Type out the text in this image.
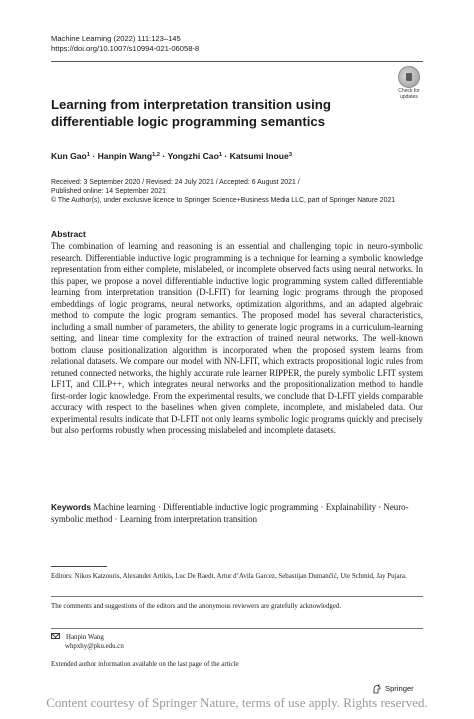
Machine Learning (2022) 111:123–145
https://doi.org/10.1007/s10994-021-06058-8
Check for
updates
Learning from interpretation transition using differentiable logic programming semantics
Kun Gao$^1$ · Hanpin Wang$^{1,2}$ · Yongzhi Cao$^1$ · Katsumi Inoue$^3$
Received: 3 September 2020 / Revised: 24 July 2021 / Accepted: 6 August 2021 /
Published online: 14 September 2021
© The Author(s), under exclusive licence to Springer Science+Business Media LLC, part of Springer Nature 2021
Abstract
The combination of learning and reasoning is an essential and challenging topic in neuro-symbolic research. Differentiable inductive logic programming is a technique for learning a symbolic knowledge representation from either complete, mislabeled, or incomplete observed facts using neural networks. In this paper, we propose a novel differentiable inductive logic programming system called differentiable learning from interpretation transition (D-LFIT) for learning logic programs through the proposed embeddings of logic programs, neural networks, optimization algorithms, and an adapted algebraic method to compute the logic program semantics. The proposed model has several characteristics, including a small number of parameters, the ability to generate logic programs in a curriculum-learning setting, and linear time complexity for the extraction of trained neural networks. The well-known bottom clause positionalization algorithm is incorporated when the proposed system learns from relational datasets. We compare our model with NN-LFIT, which extracts propositional logic rules from retuned connected networks, the highly accurate rule learner RIPPER, the purely symbolic LFIT system LF1T, and CILP++, which integrates neural networks and the propositionalization method to handle first-order logic knowledge. From the experimental results, we conclude that D-LFIT yields comparable accuracy with respect to the baselines when given complete, incomplete, and mislabeled data. Our experimental results indicate that D-LFIT not only learns symbolic logic programs quickly and precisely but also performs robustly when processing mislabeled and incomplete datasets.
Keywords Machine learning · Differentiable inductive logic programming · Explainability · Neuro-symbolic method · Learning from interpretation transition
Editors: Nikos Katzouris, Alexander Artikis, Luc De Raedt, Artur d’Avila Garcez, Sebastijan Dumančić, Ute Schmid, Jay Pujara.
The comments and suggestions of the editors and the anonymous reviewers are gratefully acknowledged.
Hanpin Wang
whpxhy@pku.edu.cn
Extended author information available on the last page of the article
Springer
Content courtesy of Springer Nature, terms of use apply. Rights reserved.
